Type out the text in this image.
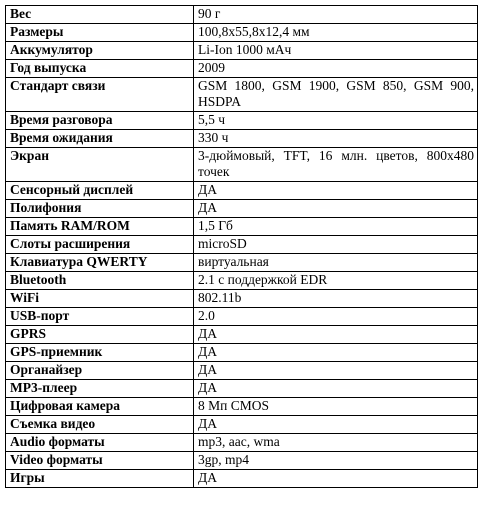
Вес	90 г
Размеры	100,8x55,8x12,4 мм
Аккумулятор	Li-Ion 1000 мАч
Год выпуска	2009
Стандарт связи	GSM 1800, GSM 1900, GSM 850, GSM 900, HSDPA
Время разговора	5,5 ч
Время ожидания	330 ч
Экран	3-дюймовый, TFT, 16 млн. цветов, 800x480 точек
Сенсорный дисплей	ДА
Полифония	ДА
Память RAM/ROM	1,5 Гб
Слоты расширения	microSD
Клавиатура QWERTY	виртуальная
Bluetooth	2.1 с поддержкой EDR
WiFi	802.11b
USB-порт	2.0
GPRS	ДА
GPS-приемник	ДА
Органайзер	ДА
MP3-плеер	ДА
Цифровая камера	8 Мп CMOS
Съемка видео	ДА
Audio форматы	mp3, aac, wma
Video форматы	3gp, mp4
Игры	ДА
